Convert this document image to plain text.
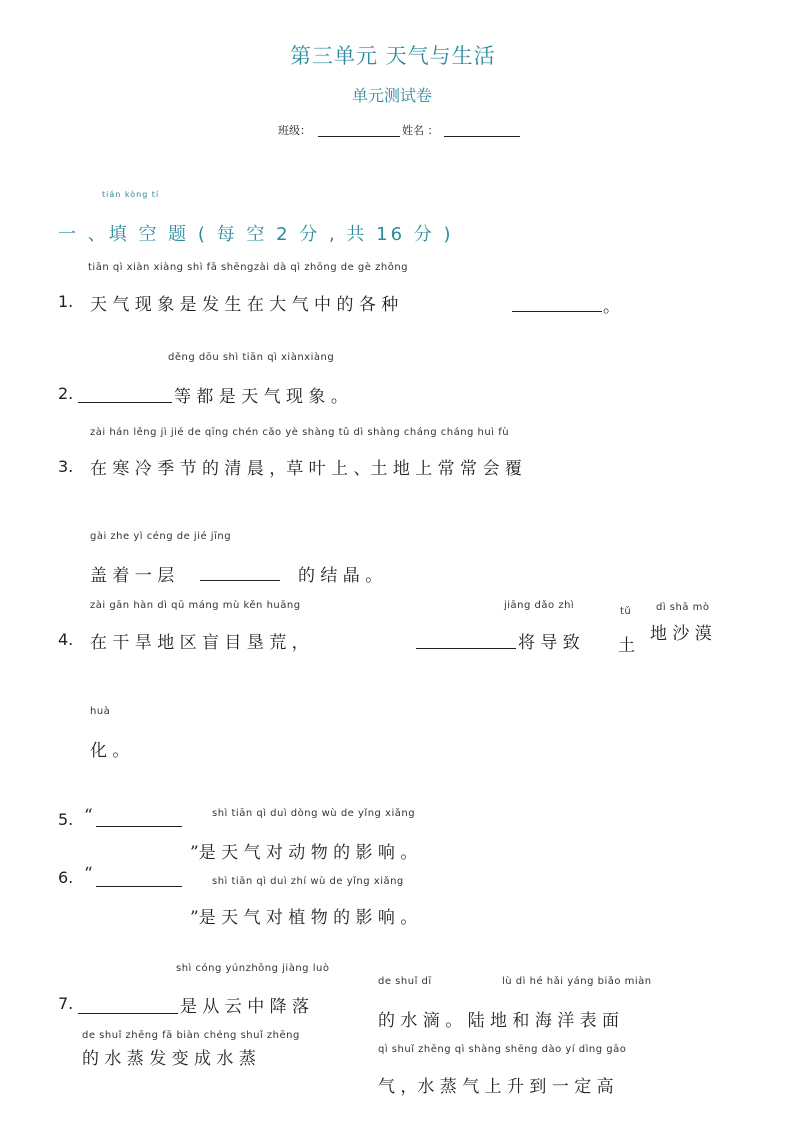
第三单元 天气与生活
单元测试卷
班级：	姓名 ：
tián kòng tí
一 、填 空 题 ( 每 空 2 分 , 共 16 分 )
tiān qì xiàn xiàng shì fā shēngzài dà qì zhōng de gè zhǒng
1. 天 气 现 象 是 发 生 在 大 气 中 的 各 种	。
děng dōu shì tiān qì xiànxiàng
2.	等 都 是 天 气 现 象 。
zài hán lěng jì jié de qīng chén cǎo yè shàng tǔ dì shàng cháng cháng huì fù
3. 在 寒 冷 季 节 的 清 晨 ，草 叶 上 、土 地 上 常 常 会 覆
gài zhe yì céng de jié jīng
盖 着 一 层	的 结 晶 。
zài gān hàn dì qū máng mù kěn huāng	jiāng dǎo zhì
tǔ dì shā mò
4. 在 干 旱 地 区 盲 目 垦 荒 ，	将 导 致 土
地 沙 漠
huà
化 。
5. “	shì tiān qì duì dòng wù de yǐng xiǎng
”是 天 气 对 动 物 的 影 响 。
6. “	shì tiān qì duì zhí wù de yǐng xiǎng
”是 天 气 对 植 物 的 影 响 。
shì cóng yúnzhōng jiàng luò
7.	是 从 云 中 降 落
de shuǐ dī	lù dì hé hǎi yáng biǎo miàn
的 水 滴 。 陆 地 和 海 洋 表 面
de shuǐ zhēng fā biàn chéng shuǐ zhēng
的 水 蒸 发 变 成 水 蒸	qì shuǐ zhēng qì shàng shēng dào yí dìng gāo
气 ，水 蒸 气 上 升 到 一 定 高
